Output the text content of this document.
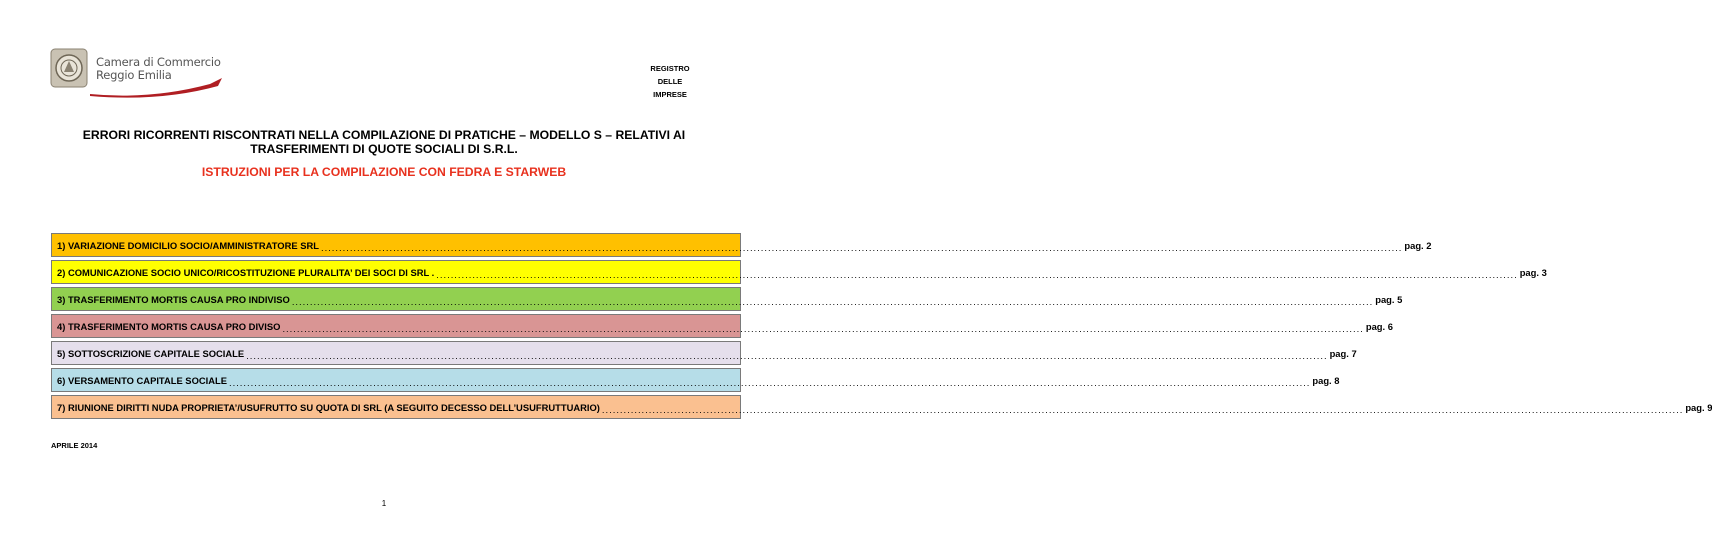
Camera di Commercio
Reggio Emilia	REGISTRO
DELLE
IMPRESE
ERRORI RICORRENTI RISCONTRATI NELLA COMPILAZIONE DI PRATICHE – MODELLO S – RELATIVI AI
TRASFERIMENTI DI QUOTE SOCIALI DI S.R.L.
ISTRUZIONI PER LA COMPILAZIONE CON FEDRA E STARWEB
1) VARIAZIONE DOMICILIO SOCIO/AMMINISTRATORE SRL ............................................................................................................................................................................................................................................................................................................ pag. 2
2) COMUNICAZIONE SOCIO UNICO/RICOSTITUZIONE PLURALITA’ DEI SOCI DI SRL . ............................................................................................................................................................................................................................................................................................................ pag. 3
3) TRASFERIMENTO MORTIS CAUSA PRO INDIVISO ............................................................................................................................................................................................................................................................................................................ pag. 5
4) TRASFERIMENTO MORTIS CAUSA PRO DIVISO ............................................................................................................................................................................................................................................................................................................ pag. 6
5) SOTTOSCRIZIONE CAPITALE SOCIALE ............................................................................................................................................................................................................................................................................................................ pag. 7
6) VERSAMENTO CAPITALE SOCIALE ............................................................................................................................................................................................................................................................................................................ pag. 8
7) RIUNIONE DIRITTI NUDA PROPRIETA’/USUFRUTTO SU QUOTA DI SRL (A SEGUITO DECESSO DELL’USUFRUTTUARIO) ............................................................................................................................................................................................................................................................................................................ pag. 9
APRILE 2014
1
